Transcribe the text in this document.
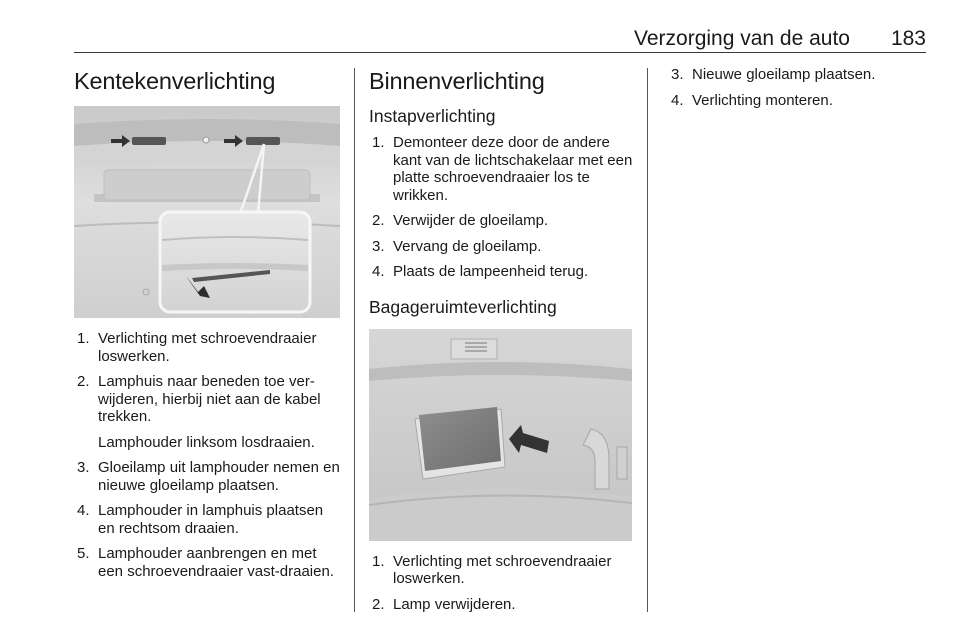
Verzorging van de auto 183
Kentekenverlichting
1. Verlichting met schroevendraaier loswerken.
2. Lamphuis naar beneden toe ver-wijderen, hierbij niet aan de kabel trekken.
Lamphouder linksom losdraaien.
3. Gloeilamp uit lamphouder nemen en nieuwe gloeilamp plaatsen.
4. Lamphouder in lamphuis plaatsen en rechtsom draaien.
5. Lamphouder aanbrengen en met een schroevendraaier vast-draaien.
Binnenverlichting
Instapverlichting
1. Demonteer deze door de andere kant van de lichtschakelaar met een platte schroevendraaier los te wrikken.
2. Verwijder de gloeilamp.
3. Vervang de gloeilamp.
4. Plaats de lampeenheid terug.
Bagageruimteverlichting
1. Verlichting met schroevendraaier loswerken.
2. Lamp verwijderen.
3. Nieuwe gloeilamp plaatsen.
4. Verlichting monteren.
